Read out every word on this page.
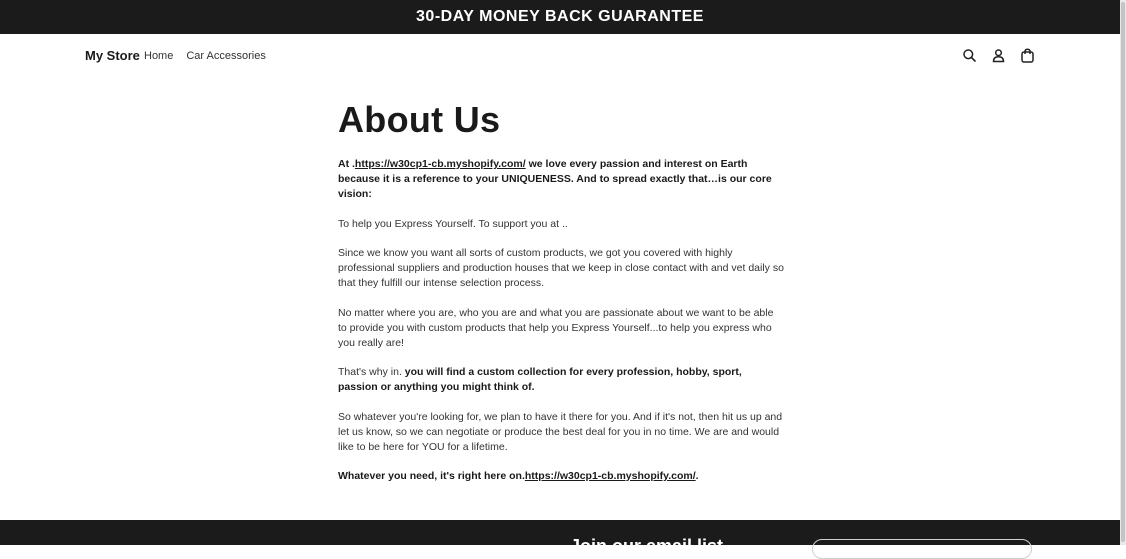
30-DAY MONEY BACK GUARANTEE
My Store Home Car Accessories
About Us

At .https://w30cp1-cb.myshopify.com/ we love every passion and interest on Earth because it is a reference to your UNIQUENESS. And to spread exactly that…is our core vision:

To help you Express Yourself. To support you at ..

Since we know you want all sorts of custom products, we got you covered with highly professional suppliers and production houses that we keep in close contact with and vet daily so that they fulfill our intense selection process.

No matter where you are, who you are and what you are passionate about we want to be able to provide you with custom products that help you Express Yourself...to help you express who you really are!

That's why in. you will find a custom collection for every profession, hobby, sport, passion or anything you might think of.

So whatever you're looking for, we plan to have it there for you. And if it's not, then hit us up and let us know, so we can negotiate or produce the best deal for you in no time. We are and would like to be here for YOU for a lifetime.

Whatever you need, it's right here on.https://w30cp1-cb.myshopify.com/.

Join our email list
